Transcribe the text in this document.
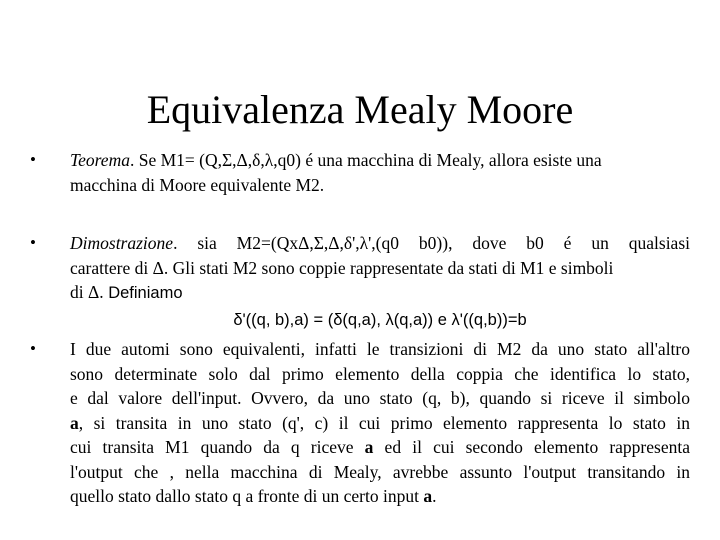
Equivalenza Mealy Moore
• Teorema. Se M1= (Q,Σ,Δ,δ,λ,q0) é una macchina di Mealy, allora esiste una
macchina di Moore equivalente M2.
• Dimostrazione. sia M2=(QxΔ,Σ,Δ,δ',λ',(q0 b0)), dove b0 é un qualsiasi
carattere di Δ. Gli stati M2 sono coppie rappresentate da stati di M1 e simboli
di Δ. Definiamo
δ'((q, b),a) = (δ(q,a), λ(q,a)) e λ'((q,b))=b
• I due automi sono equivalenti, infatti le transizioni di M2 da uno stato all'altro
sono determinate solo dal primo elemento della coppia che identifica lo stato,
e dal valore dell'input. Ovvero, da uno stato (q, b), quando si riceve il simbolo
a, si transita in uno stato (q', c) il cui primo elemento rappresenta lo stato in
cui transita M1 quando da q riceve a ed il cui secondo elemento rappresenta
l'output che , nella macchina di Mealy, avrebbe assunto l'output transitando in
quello stato dallo stato q a fronte di un certo input a.
